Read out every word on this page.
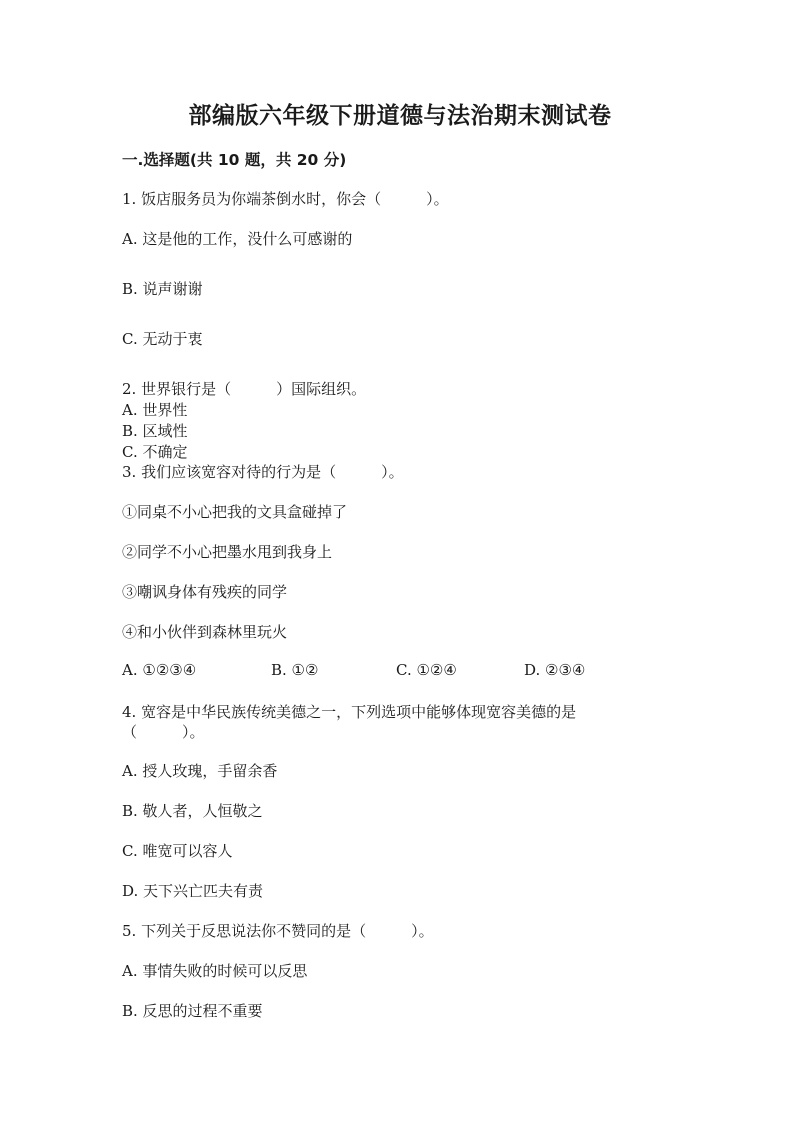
部编版六年级下册道德与法治期末测试卷
一.选择题(共 10 题，共 20 分)
1. 饭店服务员为你端茶倒水时，你会（　　　）。
A. 这是他的工作，没什么可感谢的
B. 说声谢谢
C. 无动于衷
2. 世界银行是（　　　）国际组织。
A. 世界性
B. 区域性
C. 不确定
3. 我们应该宽容对待的行为是（　　　）。
①同桌不小心把我的文具盒碰掉了
②同学不小心把墨水甩到我身上
③嘲讽身体有残疾的同学
④和小伙伴到森林里玩火
A. ①②③④	B. ①②	C. ①②④	D. ②③④
4. 宽容是中华民族传统美德之一，下列选项中能够体现宽容美德的是
（　　　）。
A. 授人玫瑰，手留余香
B. 敬人者，人恒敬之
C. 唯宽可以容人
D. 天下兴亡匹夫有责
5. 下列关于反思说法你不赞同的是（　　　）。
A. 事情失败的时候可以反思
B. 反思的过程不重要
